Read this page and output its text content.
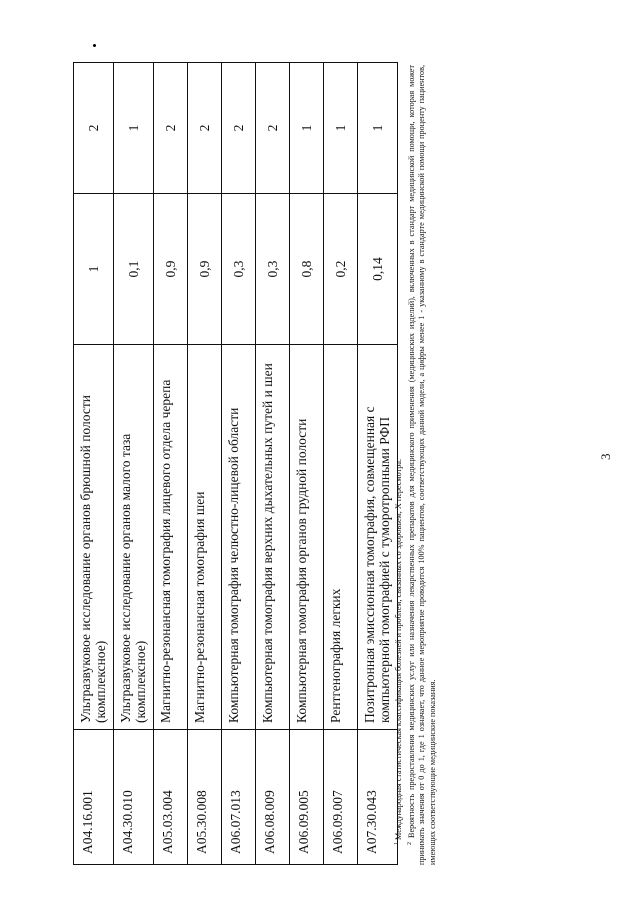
3
A04.16.001	Ультразвуковое исследование органов брюшной полости (комплексное)	1	2
A04.30.010	Ультразвуковое исследование органов малого таза (комплексное)	0,1	1
A05.03.004	Магнитно-резонансная томография лицевого отдела черепа	0,9	2
A05.30.008	Магнитно-резонансная томография шеи	0,9	2
A06.07.013	Компьютерная томография челюстно-лицевой области	0,3	2
A06.08.009	Компьютерная томография верхних дыхательных путей и шеи	0,3	2
A06.09.005	Компьютерная томография органов грудной полости	0,8	1
A06.09.007	Рентгенография легких	0,2	1
A07.30.043	Позитронная эмиссионная томография, совмещенная с компьютерной томографией с туморотропными РФП	0,14	1

$^1$ Международная статистическая классификация болезней и проблем, связанных со здоровьем, X пересмотра.

$^2$ Вероятность предоставления медицинских услуг или назначения лекарственных препаратов для медицинского применения (медицинских изделий), включенных в стандарт медицинской помощи, которая может принимать значения от 0 до 1, где 1 означает, что данное мероприятие проводится 100% пациентов, соответствующих данной модели, а цифры менее 1 - указанному в стандарте медицинской помощи проценту пациентов, имеющих соответствующие медицинские показания.
